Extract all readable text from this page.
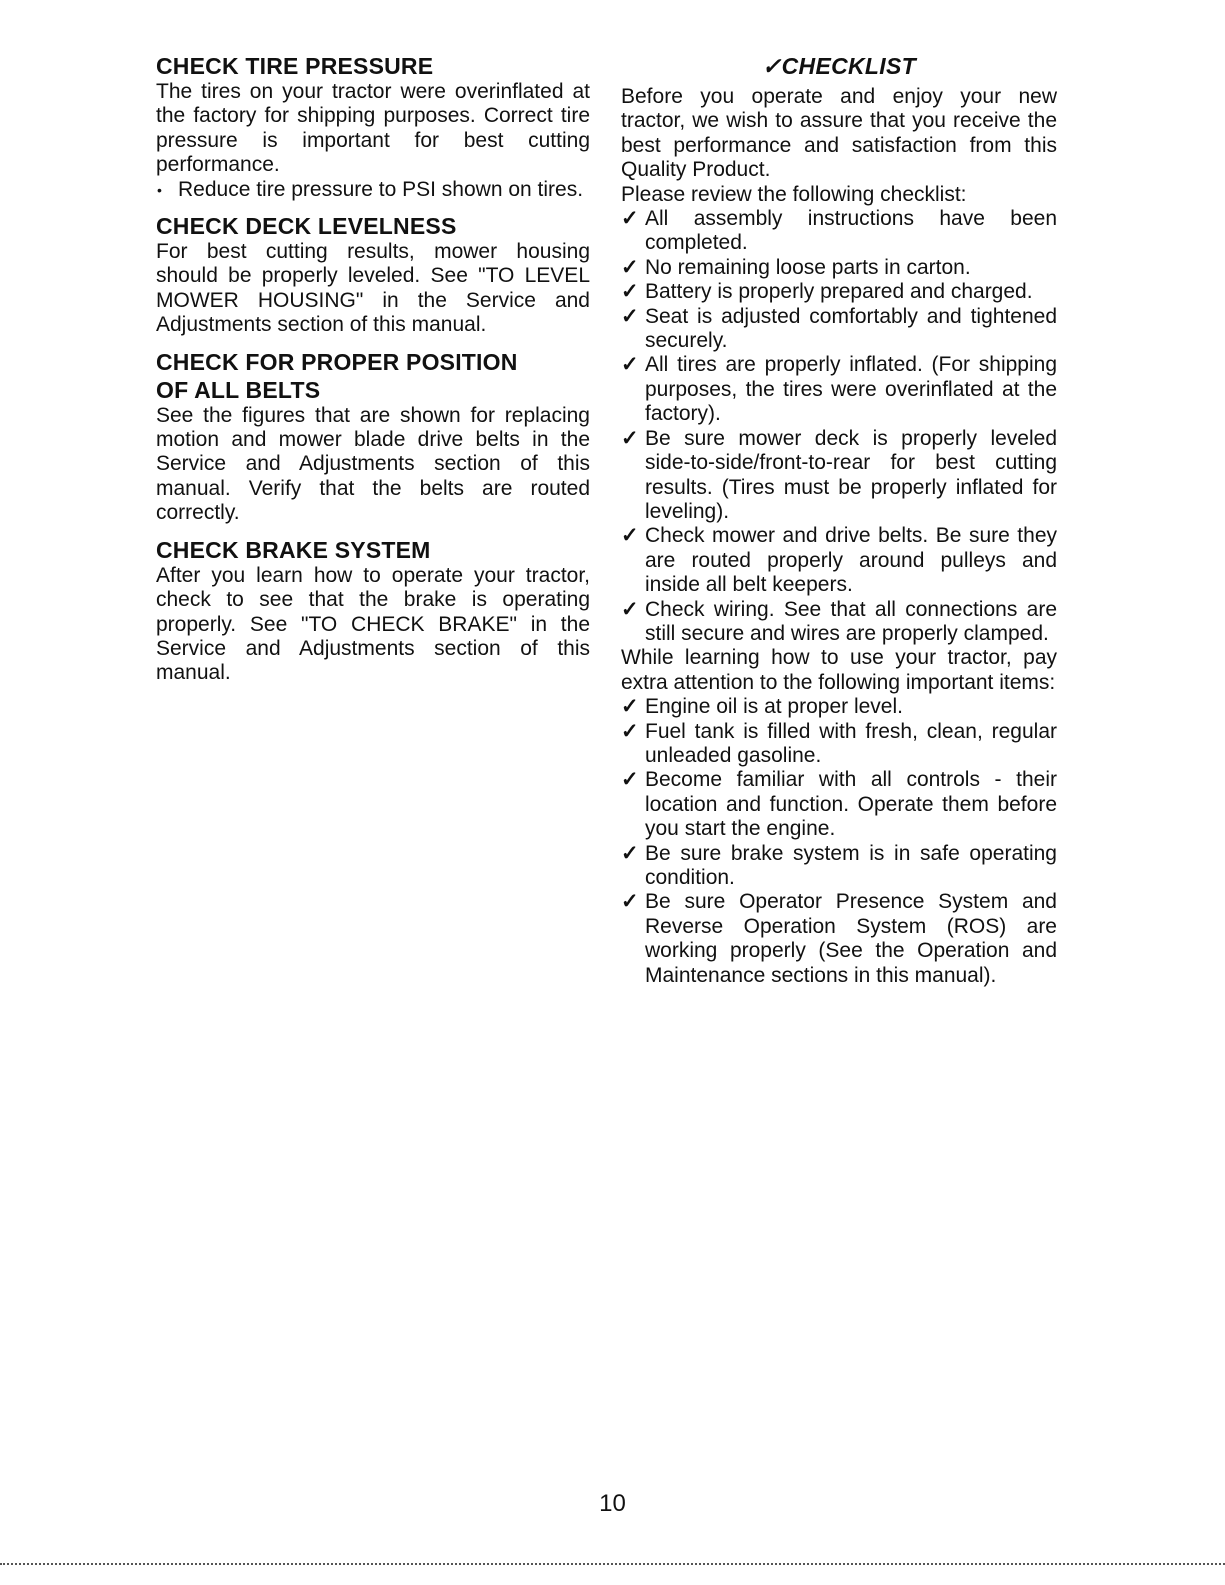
CHECK TIRE PRESSURE

The tires on your tractor were overinflated at the factory for shipping purposes. Correct tire pressure is important for best cutting performance.

• Reduce tire pressure to PSI shown on tires.
CHECK DECK LEVELNESS

For best cutting results, mower housing should be properly leveled. See "TO LEVEL MOWER HOUSING" in the Service and Adjustments section of this manual.

CHECK FOR PROPER POSITION
OF ALL BELTS

See the figures that are shown for replacing motion and mower blade drive belts in the Service and Adjustments section of this manual. Verify that the belts are routed correctly.

CHECK BRAKE SYSTEM

After you learn how to operate your tractor, check to see that the brake is operating properly. See "TO CHECK BRAKE" in the Service and Adjustments section of this manual.

✓CHECKLIST

Before you operate and enjoy your new tractor, we wish to assure that you receive the best performance and satisfaction from this Quality Product.

Please review the following checklist:

✓ All assembly instructions have been completed.
✓ No remaining loose parts in carton.
✓ Battery is properly prepared and charged.
✓ Seat is adjusted comfortably and tightened securely.
✓ All tires are properly inflated. (For shipping purposes, the tires were overinflated at the factory).
✓ Be sure mower deck is properly leveled side-to-side/front-to-rear for best cutting results. (Tires must be properly inflated for leveling).
✓ Check mower and drive belts. Be sure they are routed properly around pulleys and inside all belt keepers.
✓ Check wiring. See that all connections are still secure and wires are properly clamped.

While learning how to use your tractor, pay extra attention to the following important items:

✓ Engine oil is at proper level.
✓ Fuel tank is filled with fresh, clean, regular unleaded gasoline.
✓ Become familiar with all controls - their location and function. Operate them before you start the engine.
✓ Be sure brake system is in safe operating condition.
✓ Be sure Operator Presence System and Reverse Operation System (ROS) are working properly (See the Operation and Maintenance sections in this manual).
10
